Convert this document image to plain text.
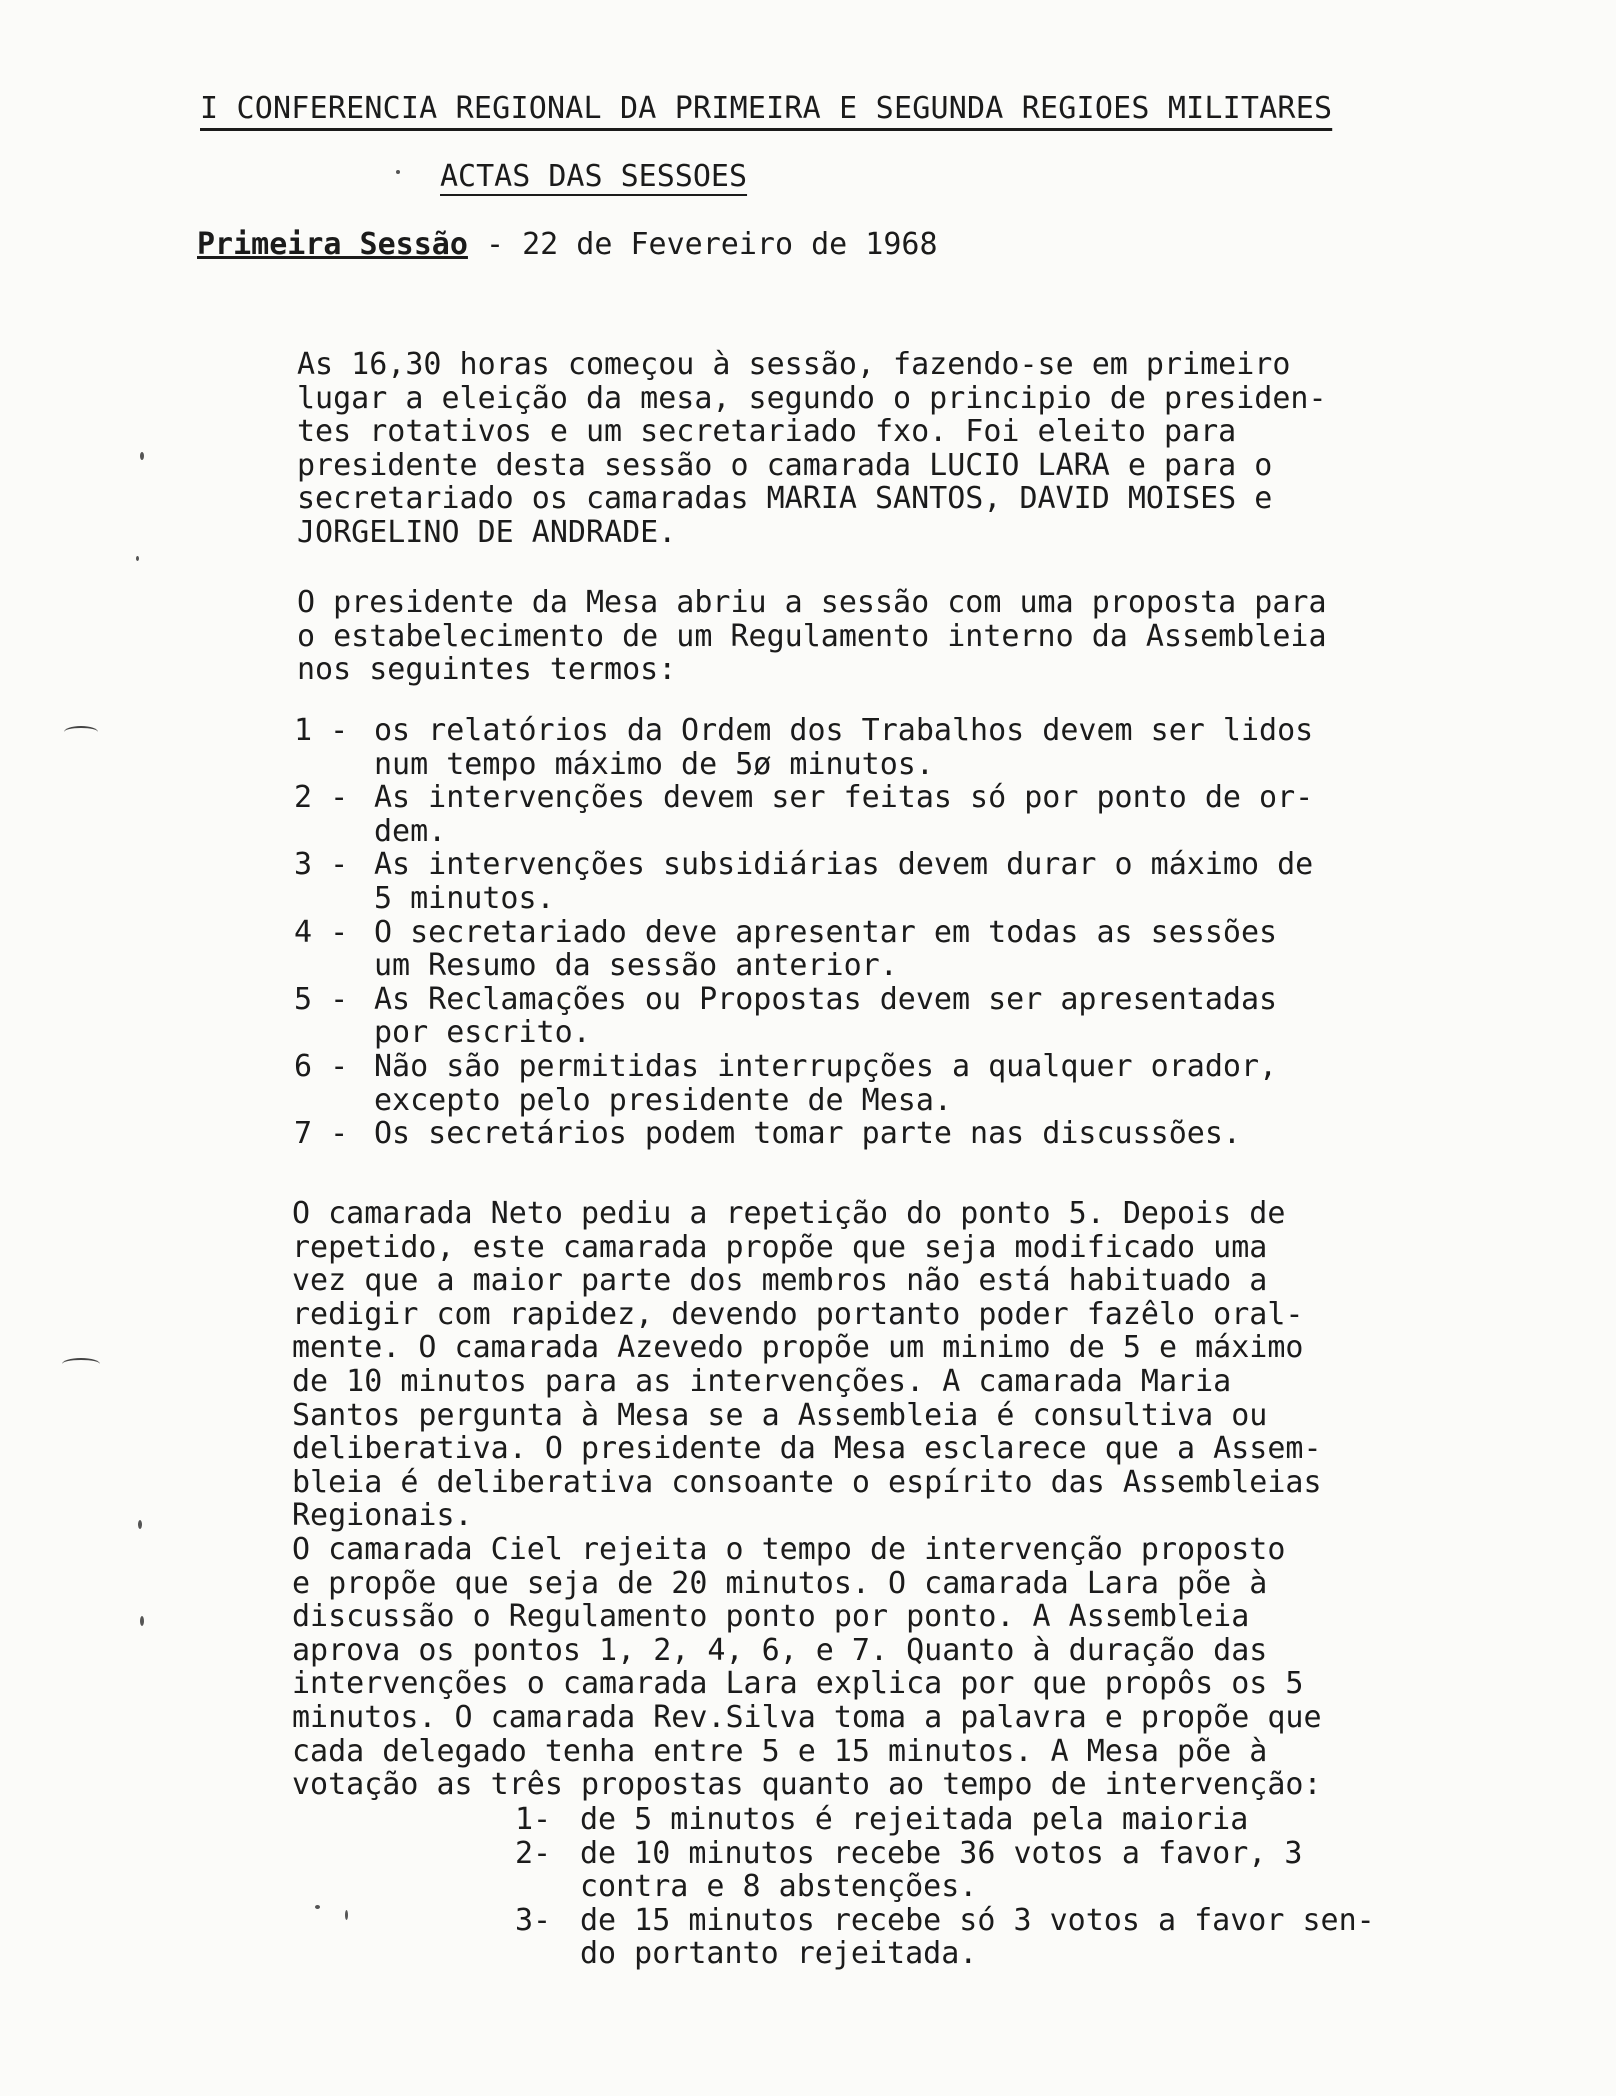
I CONFERENCIA REGIONAL DA PRIMEIRA E SEGUNDA REGIOES MILITARES
ACTAS DAS SESSOES
Primeira Sessão - 22 de Fevereiro de 1968
As 16,30 horas começou à sessão, fazendo-se em primeiro
lugar a eleição da mesa, segundo o principio de presiden-
tes rotativos e um secretariado fxo. Foi eleito para
presidente desta sessão o camarada LUCIO LARA e para o
secretariado os camaradas MARIA SANTOS, DAVID MOISES e
JORGELINO DE ANDRADE.
O presidente da Mesa abriu a sessão com uma proposta para
o estabelecimento de um Regulamento interno da Assembleia
nos seguintes termos:
1 - os relatórios da Ordem dos Trabalhos devem ser lidos
num tempo máximo de 5ø minutos.
2 - As intervenções devem ser feitas só por ponto de or-
dem.
3 - As intervenções subsidiárias devem durar o máximo de
5 minutos.
4 - O secretariado deve apresentar em todas as sessões
um Resumo da sessão anterior.
5 - As Reclamações ou Propostas devem ser apresentadas
por escrito.
6 - Não são permitidas interrupções a qualquer orador,
excepto pelo presidente de Mesa.
7 - Os secretários podem tomar parte nas discussões.
O camarada Neto pediu a repetição do ponto 5. Depois de
repetido, este camarada propõe que seja modificado uma
vez que a maior parte dos membros não está habituado a
redigir com rapidez, devendo portanto poder fazêlo oral-
mente. O camarada Azevedo propõe um minimo de 5 e máximo
de 10 minutos para as intervenções. A camarada Maria
Santos pergunta à Mesa se a Assembleia é consultiva ou
deliberativa. O presidente da Mesa esclarece que a Assem-
bleia é deliberativa consoante o espírito das Assembleias
Regionais.
O camarada Ciel rejeita o tempo de intervenção proposto
e propõe que seja de 20 minutos. O camarada Lara põe à
discussão o Regulamento ponto por ponto. A Assembleia
aprova os pontos 1, 2, 4, 6, e 7. Quanto à duração das
intervenções o camarada Lara explica por que propôs os 5
minutos. O camarada Rev.Silva toma a palavra e propõe que
cada delegado tenha entre 5 e 15 minutos. A Mesa põe à
votação as três propostas quanto ao tempo de intervenção:
1- de 5 minutos é rejeitada pela maioria
2- de 10 minutos recebe 36 votos a favor, 3
contra e 8 abstenções.
3- de 15 minutos recebe só 3 votos a favor sen-
do portanto rejeitada.
